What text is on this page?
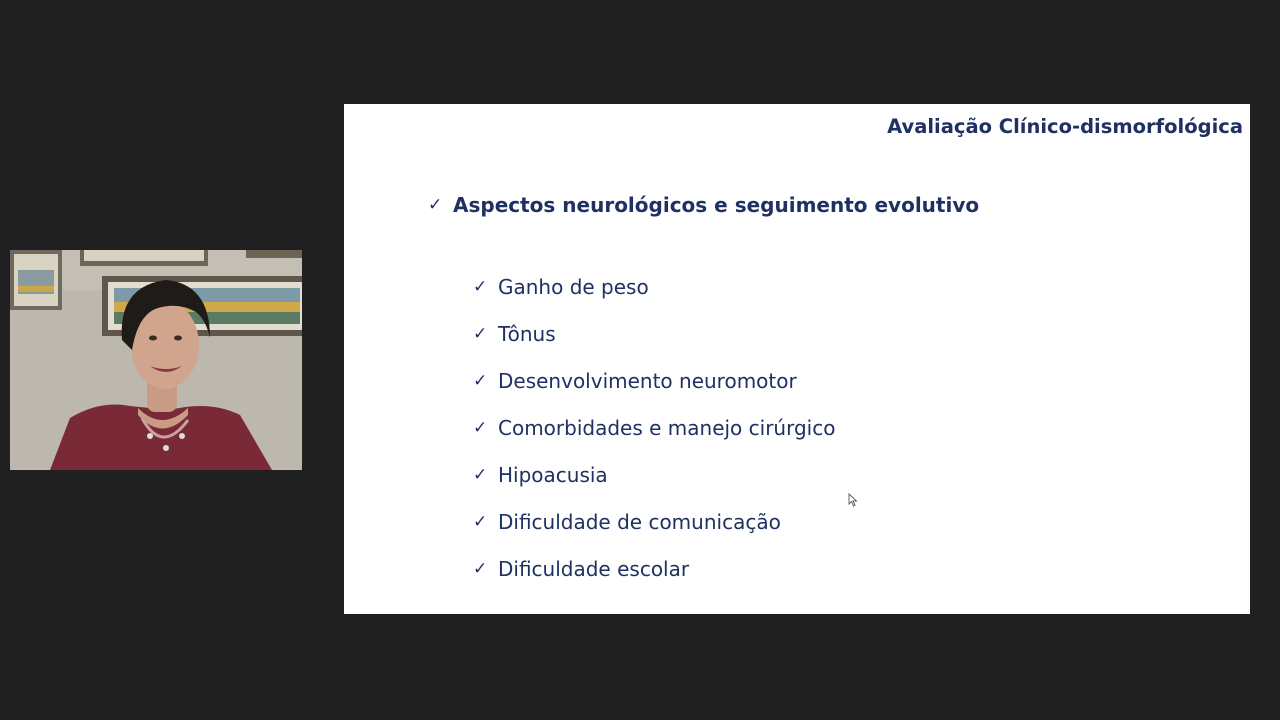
Avaliação Clínico-dismorfológica
✓ Aspectos neurológicos e seguimento evolutivo
✓ Ganho de peso
✓ Tônus
✓ Desenvolvimento neuromotor
✓ Comorbidades e manejo cirúrgico
✓ Hipoacusia
✓ Dificuldade de comunicação
✓ Dificuldade escolar
